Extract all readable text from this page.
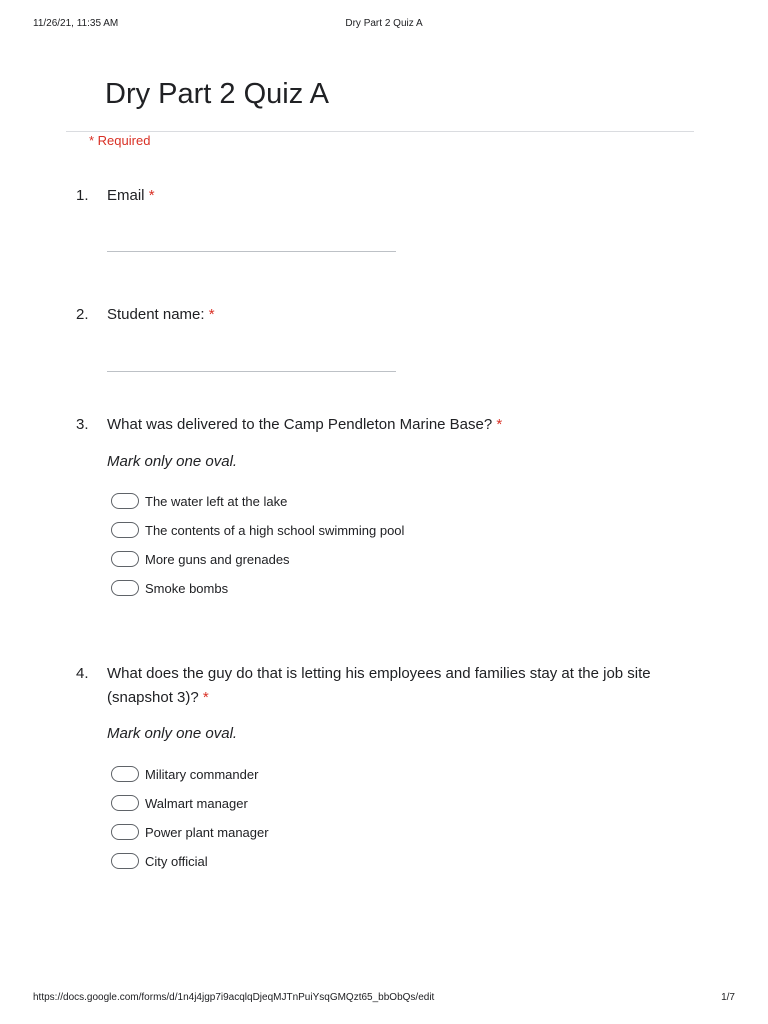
11/26/21, 11:35 AM	Dry Part 2 Quiz A
Dry Part 2 Quiz A
* Required
1. Email *
2. Student name: *
3. What was delivered to the Camp Pendleton Marine Base? *
Mark only one oval.
The water left at the lake
The contents of a high school swimming pool
More guns and grenades
Smoke bombs
4. What does the guy do that is letting his employees and families stay at the job site (snapshot 3)? *
Mark only one oval.
Military commander
Walmart manager
Power plant manager
City official
https://docs.google.com/forms/d/1n4j4jgp7i9acqlqDjeqMJTnPuiYsqGMQzt65_bbObQs/edit	1/7
